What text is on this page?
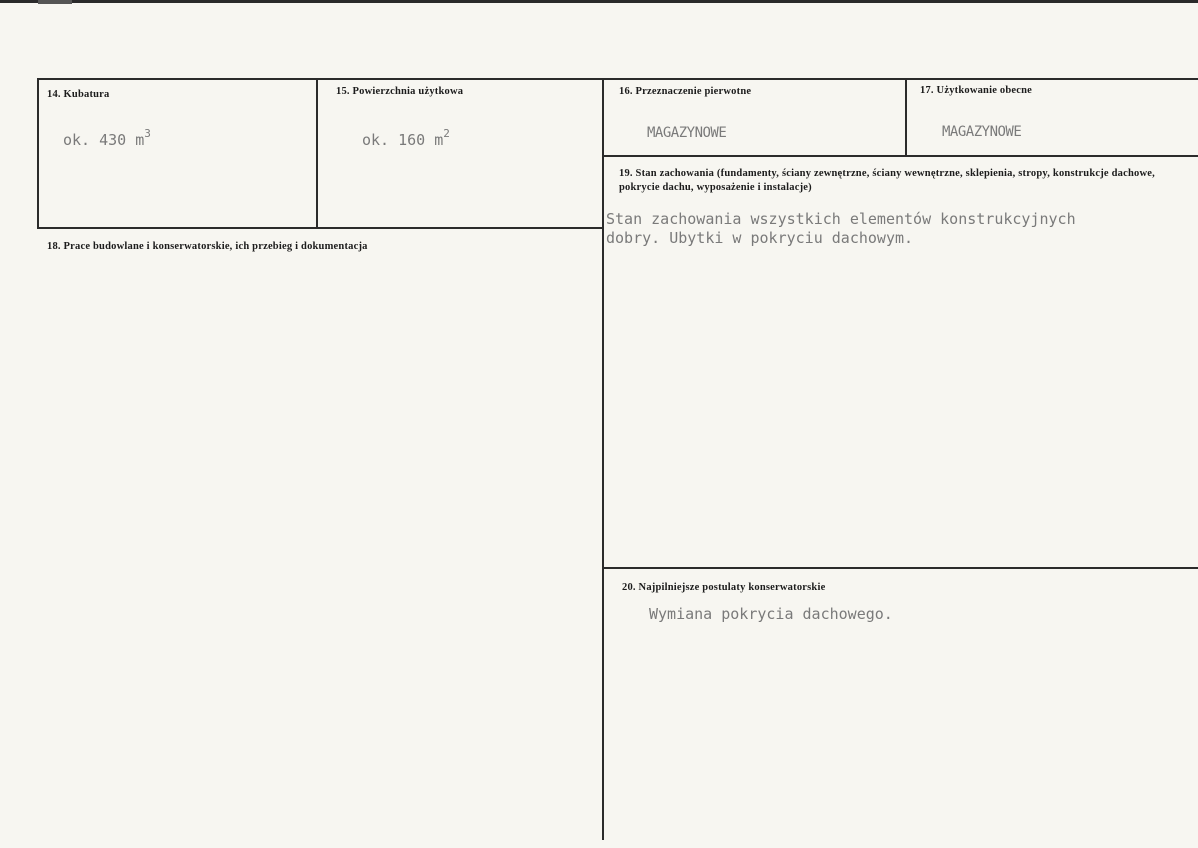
14. Kubatura
ok. 430 $m^3$
15. Powierzchnia użytkowa
ok. 160 $m^2$
16. Przeznaczenie pierwotne
MAGAZYNOWE
17. Użytkowanie obecne
MAGAZYNOWE
19. Stan zachowania (fundamenty, ściany zewnętrzne, ściany wewnętrzne, sklepienia, stropy, konstrukcje dachowe, pokrycie dachu, wyposażenie i instalacje)
Stan zachowania wszystkich elementów konstrukcyjnych
dobry. Ubytki w pokryciu dachowym.
18. Prace budowlane i konserwatorskie, ich przebieg i dokumentacja
20. Najpilniejsze postulaty konserwatorskie
Wymiana pokrycia dachowego.
